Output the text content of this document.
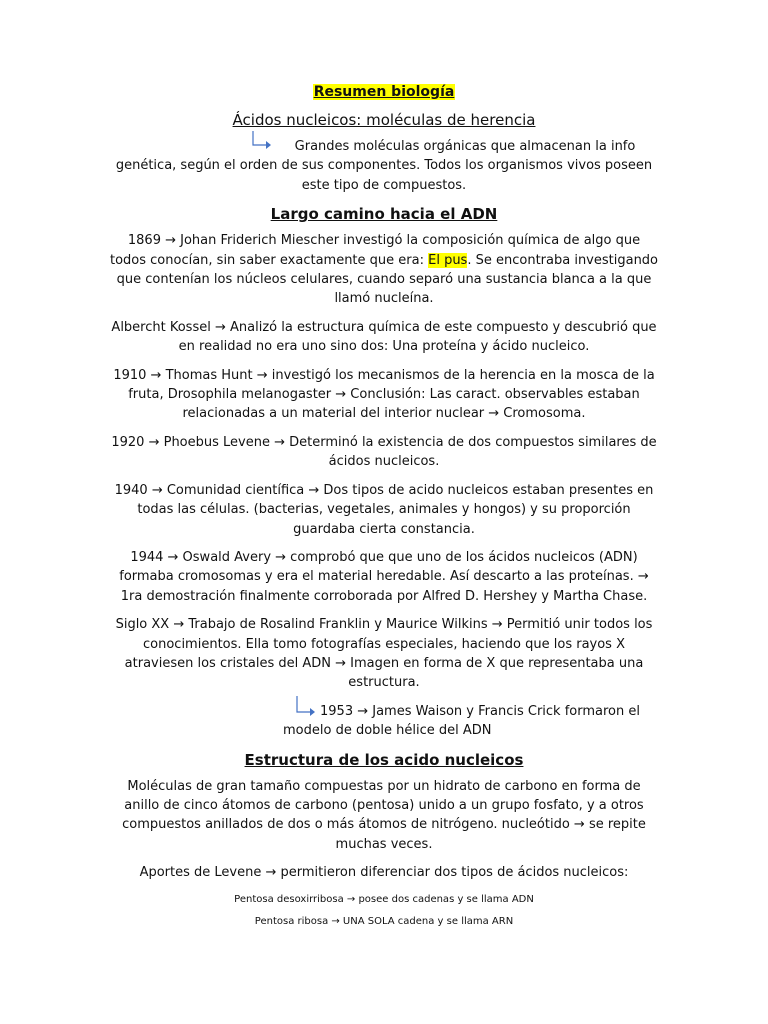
Resumen biología
Ácidos nucleicos: moléculas de herencia

Grandes moléculas orgánicas que almacenan la info genética, según el orden de sus componentes. Todos los organismos vivos poseen este tipo de compuestos.

Largo camino hacia el ADN

1869 → Johan Friderich Miescher investigó la composición química de algo que todos conocían, sin saber exactamente que era: El pus. Se encontraba investigando que contenían los núcleos celulares, cuando separó una sustancia blanca a la que llamó nucleína.

Albercht Kossel → Analizó la estructura química de este compuesto y descubrió que en realidad no era uno sino dos: Una proteína y ácido nucleico.

1910 → Thomas Hunt → investigó los mecanismos de la herencia en la mosca de la fruta, Drosophila melanogaster → Conclusión: Las caract. observables estaban relacionadas a un material del interior nuclear → Cromosoma.

1920 → Phoebus Levene → Determinó la existencia de dos compuestos similares de ácidos nucleicos.

1940 → Comunidad científica → Dos tipos de acido nucleicos estaban presentes en todas las células. (bacterias, vegetales, animales y hongos) y su proporción guardaba cierta constancia.

1944 → Oswald Avery → comprobó que que uno de los ácidos nucleicos (ADN) formaba cromosomas y era el material heredable. Así descarto a las proteínas. → 1ra demostración finalmente corroborada por Alfred D. Hershey y Martha Chase.

Siglo XX → Trabajo de Rosalind Franklin y Maurice Wilkins → Permitió unir todos los conocimientos. Ella tomo fotografías especiales, haciendo que los rayos X atraviesen los cristales del ADN → Imagen en forma de X que representaba una estructura.

1953 → James Waison y Francis Crick formaron el modelo de doble hélice del ADN

Estructura de los acido nucleicos

Moléculas de gran tamaño compuestas por un hidrato de carbono en forma de anillo de cinco átomos de carbono (pentosa) unido a un grupo fosfato, y a otros compuestos anillados de dos o más átomos de nitrógeno. nucleótido → se repite muchas veces.

Aportes de Levene → permitieron diferenciar dos tipos de ácidos nucleicos:

Pentosa desoxirribosa → posee dos cadenas y se llama ADN

Pentosa ribosa → UNA SOLA cadena y se llama ARN
